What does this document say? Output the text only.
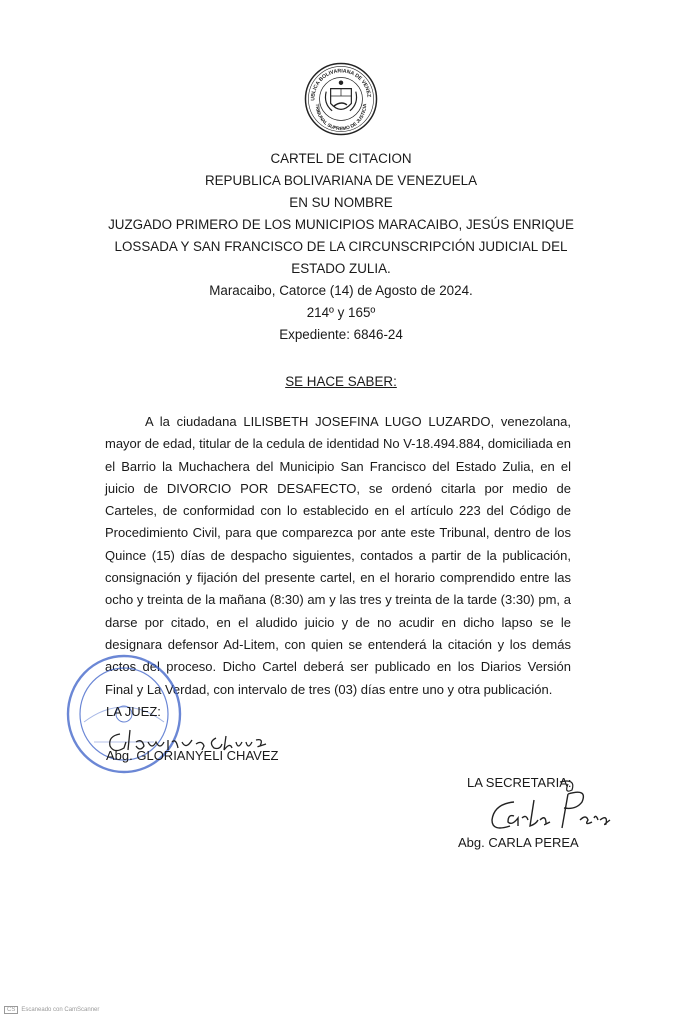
UBLICA BOLIVARIANA DE VENEZ
TRIBUNAL SUPREMO DE JUSTICIA
CARTEL DE CITACION
REPUBLICA BOLIVARIANA DE VENEZUELA
EN SU NOMBRE
JUZGADO PRIMERO DE LOS MUNICIPIOS MARACAIBO, JESÚS ENRIQUE
LOSSADA Y SAN FRANCISCO DE LA CIRCUNSCRIPCIÓN JUDICIAL DEL
ESTADO ZULIA.
Maracaibo, Catorce (14) de Agosto de 2024.
214º y 165º
Expediente: 6846-24
SE HACE SABER:

A la ciudadana LILISBETH JOSEFINA LUGO LUZARDO, venezolana, mayor de edad, titular de la cedula de identidad No V-18.494.884, domiciliada en el Barrio la Muchachera del Municipio San Francisco del Estado Zulia, en el juicio de DIVORCIO POR DESAFECTO, se ordenó citarla por medio de Carteles, de conformidad con lo establecido en el artículo 223 del Código de Procedimiento Civil, para que comparezca por ante este Tribunal, dentro de los Quince (15) días de despacho siguientes, contados a partir de la publicación, consignación y fijación del presente cartel, en el horario comprendido entre las ocho y treinta de la mañana (8:30) am y las tres y treinta de la tarde (3:30) pm, a darse por citado, en el aludido juicio y de no acudir en dicho lapso se le designara defensor Ad-Litem, con quien se entenderá la citación y los demás actos del proceso. Dicho Cartel deberá ser publicado en los Diarios Versión Final y La Verdad, con intervalo de tres (03) días entre uno y otra publicación.

LA JUEZ:
Abg. GLORIANYELI CHAVEZ
LA SECRETARIA:
Abg. CARLA PEREA
CS Escaneado con CamScanner
